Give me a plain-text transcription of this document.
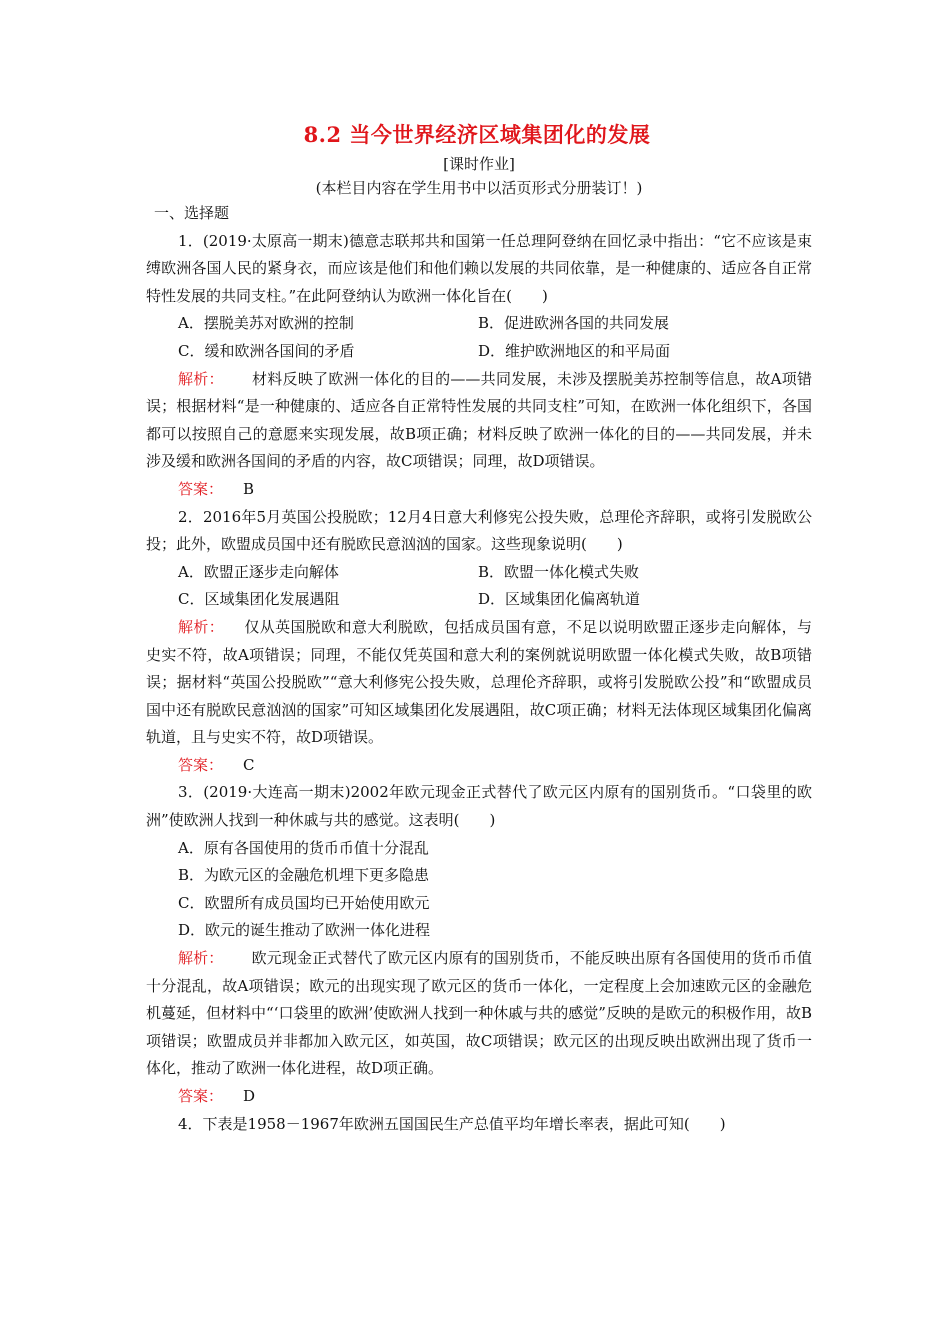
8.2 当今世界经济区域集团化的发展
[课时作业]
(本栏目内容在学生用书中以活页形式分册装订！)
一、选择题
1．(2019·太原高一期末)德意志联邦共和国第一任总理阿登纳在回忆录中指出：“它不应该是束缚欧洲各国人民的紧身衣，而应该是他们和他们赖以发展的共同依靠，是一种健康的、适应各自正常特性发展的共同支柱。”在此阿登纳认为欧洲一体化旨在(　　)
A．摆脱美苏对欧洲的控制	B．促进欧洲各国的共同发展
C．缓和欧洲各国间的矛盾	D．维护欧洲地区的和平局面
解析： 材料反映了欧洲一体化的目的——共同发展，未涉及摆脱美苏控制等信息，故A项错误；根据材料“是一种健康的、适应各自正常特性发展的共同支柱”可知，在欧洲一体化组织下，各国都可以按照自己的意愿来实现发展，故B项正确；材料反映了欧洲一体化的目的——共同发展，并未涉及缓和欧洲各国间的矛盾的内容，故C项错误；同理，故D项错误。
答案： B
2．2016年5月英国公投脱欧；12月4日意大利修宪公投失败，总理伦齐辞职，或将引发脱欧公投；此外，欧盟成员国中还有脱欧民意汹汹的国家。这些现象说明(　　)
A．欧盟正逐步走向解体	B．欧盟一体化模式失败
C．区域集团化发展遇阻	D．区域集团化偏离轨道
解析： 仅从英国脱欧和意大利脱欧，包括成员国有意，不足以说明欧盟正逐步走向解体，与史实不符，故A项错误；同理，不能仅凭英国和意大利的案例就说明欧盟一体化模式失败，故B项错误；据材料“英国公投脱欧”“意大利修宪公投失败，总理伦齐辞职，或将引发脱欧公投”和“欧盟成员国中还有脱欧民意汹汹的国家”可知区域集团化发展遇阻，故C项正确；材料无法体现区域集团化偏离轨道，且与史实不符，故D项错误。
答案： C
3．(2019·大连高一期末)2002年欧元现金正式替代了欧元区内原有的国别货币。“口袋里的欧洲”使欧洲人找到一种休戚与共的感觉。这表明(　　)
A．原有各国使用的货币币值十分混乱
B．为欧元区的金融危机埋下更多隐患
C．欧盟所有成员国均已开始使用欧元
D．欧元的诞生推动了欧洲一体化进程
解析： 欧元现金正式替代了欧元区内原有的国别货币，不能反映出原有各国使用的货币币值十分混乱，故A项错误；欧元的出现实现了欧元区的货币一体化，一定程度上会加速欧元区的金融危机蔓延，但材料中“‘口袋里的欧洲’使欧洲人找到一种休戚与共的感觉”反映的是欧元的积极作用，故B项错误；欧盟成员并非都加入欧元区，如英国，故C项错误；欧元区的出现反映出欧洲出现了货币一体化，推动了欧洲一体化进程，故D项正确。
答案： D
4．下表是1958－1967年欧洲五国国民生产总值平均年增长率表，据此可知(　　)
